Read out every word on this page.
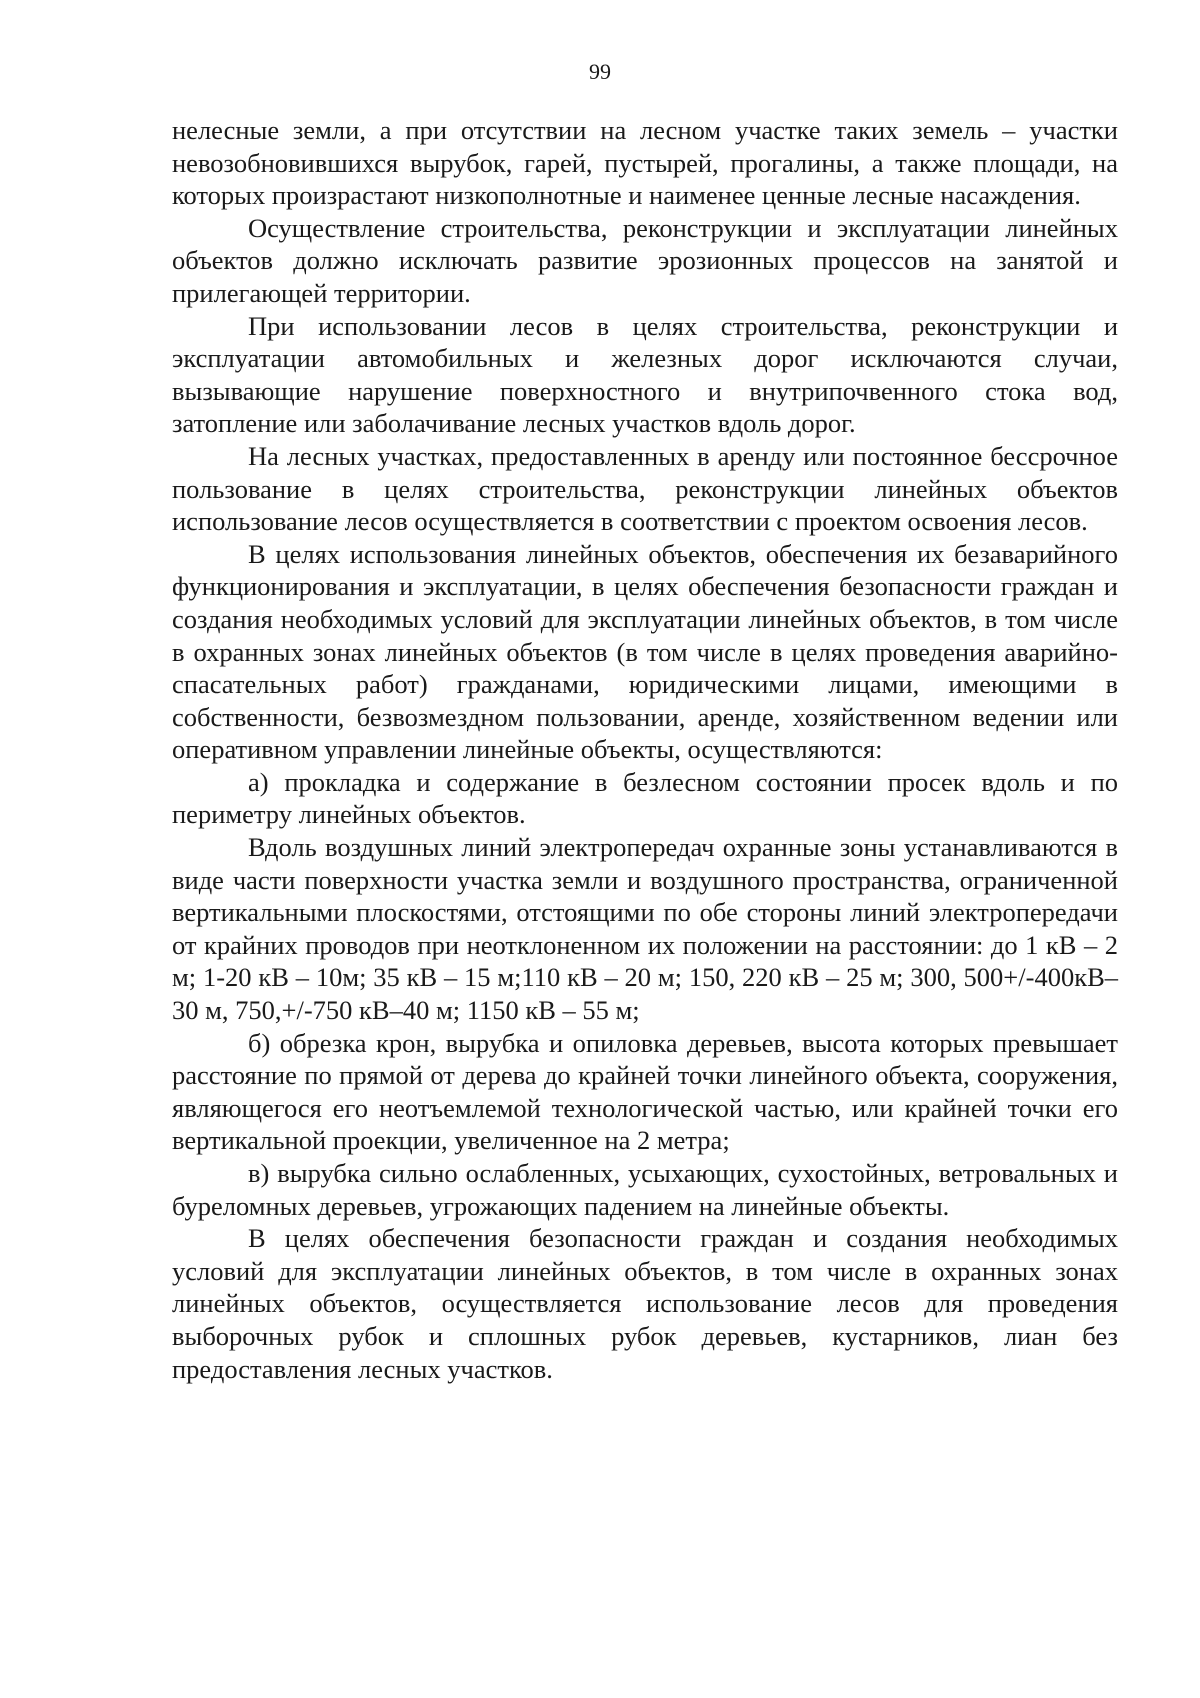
99

нелесные земли, а при отсутствии на лесном участке таких земель – участки невозобновившихся вырубок, гарей, пустырей, прогалины, а также площади, на которых произрастают низкополнотные и наименее ценные лесные насаждения.

Осуществление строительства, реконструкции и эксплуатации линейных объектов должно исключать развитие эрозионных процессов на занятой и прилегающей территории.

При использовании лесов в целях строительства, реконструкции и эксплуатации автомобильных и железных дорог исключаются случаи, вызывающие нарушение поверхностного и внутрипочвенного стока вод, затопление или заболачивание лесных участков вдоль дорог.

На лесных участках, предоставленных в аренду или постоянное бессрочное пользование в целях строительства, реконструкции линейных объектов использование лесов осуществляется в соответствии с проектом освоения лесов.

В целях использования линейных объектов, обеспечения их безаварийного функционирования и эксплуатации, в целях обеспечения безопасности граждан и создания необходимых условий для эксплуатации линейных объектов, в том числе в охранных зонах линейных объектов (в том числе в целях проведения аварийно-спасательных работ) гражданами, юридическими лицами, имеющими в собственности, безвозмездном пользовании, аренде, хозяйственном ведении или оперативном управлении линейные объекты, осуществляются:

а) прокладка и содержание в безлесном состоянии просек вдоль и по периметру линейных объектов.

Вдоль воздушных линий электропередач охранные зоны устанавливаются в виде части поверхности участка земли и воздушного пространства, ограниченной вертикальными плоскостями, отстоящими по обе стороны линий электропередачи от крайних проводов при неотклоненном их положении на расстоянии: до 1 кВ – 2 м; 1-20 кВ – 10м; 35 кВ – 15 м;110 кВ – 20 м; 150, 220 кВ – 25 м; 300, 500+/-400кВ–30 м, 750,+/-750 кВ–40 м; 1150 кВ – 55 м;

б) обрезка крон, вырубка и опиловка деревьев, высота которых превышает расстояние по прямой от дерева до крайней точки линейного объекта, сооружения, являющегося его неотъемлемой технологической частью, или крайней точки его вертикальной проекции, увеличенное на 2 метра;

в) вырубка сильно ослабленных, усыхающих, сухостойных, ветровальных и буреломных деревьев, угрожающих падением на линейные объекты.

В целях обеспечения безопасности граждан и создания необходимых условий для эксплуатации линейных объектов, в том числе в охранных зонах линейных объектов, осуществляется использование лесов для проведения выборочных рубок и сплошных рубок деревьев, кустарников, лиан без предоставления лесных участков.
